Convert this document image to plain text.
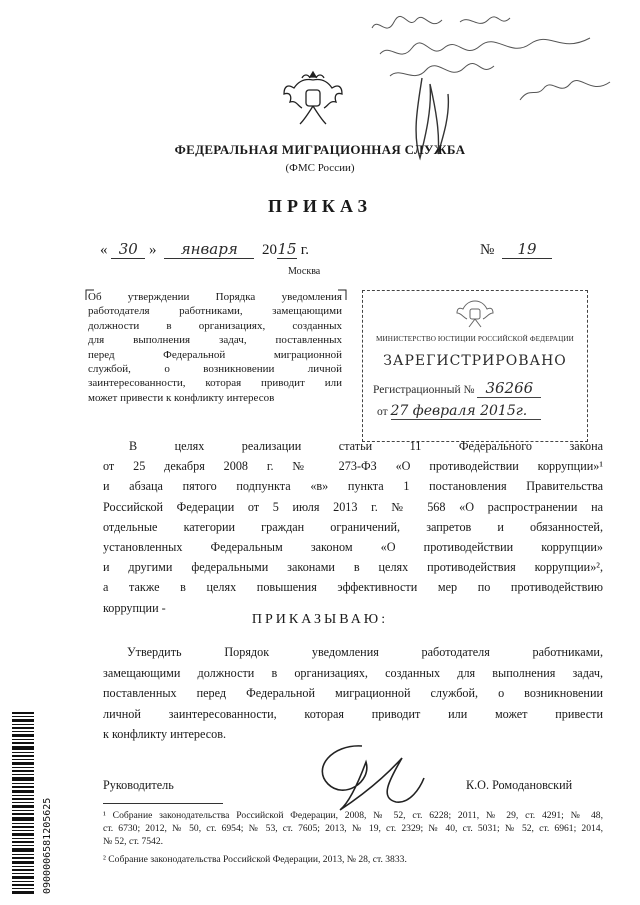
ФЕДЕРАЛЬНАЯ МИГРАЦИОННАЯ СЛУЖБА
(ФМС России)
ПРИКАЗ
« 30 » января 2015 г.	№ 19
Москва
Об утверждении Порядка уведомления
работодателя работниками, замещающими
должности в организациях, созданных
для выполнения задач, поставленных
перед Федеральной миграционной
службой, о возникновении личной
заинтересованности, которая приводит или
может привести к конфликту интересов
МИНИСТЕРСТВО ЮСТИЦИИ РОССИЙСКОЙ ФЕДЕРАЦИИ
ЗАРЕГИСТРИРОВАНО
Регистрационный № 36266
от 27 февраля 2015г.
В целях реализации статьи 11 Федерального закона
от 25 декабря 2008 г. № 273-ФЗ «О противодействии коррупции»¹
и абзаца пятого подпункта «в» пункта 1 постановления Правительства
Российской Федерации от 5 июля 2013 г. № 568 «О распространении на
отдельные категории граждан ограничений, запретов и обязанностей,
установленных Федеральным законом «О противодействии коррупции»
и другими федеральными законами в целях противодействия коррупции»²,
а также в целях повышения эффективности мер по противодействию
коррупции -
ПРИКАЗЫВАЮ:
Утвердить Порядок уведомления работодателя работниками,
замещающими должности в организациях, созданных для выполнения задач,
поставленных перед Федеральной миграционной службой, о возникновении
личной заинтересованности, которая приводит или может привести
к конфликту интересов.
Руководитель	К.О. Ромодановский
¹ Собрание законодательства Российской Федерации, 2008, № 52, ст. 6228; 2011, № 29, ст. 4291; № 48,
ст. 6730; 2012, № 50, ст. 6954; № 53, ст. 7605; 2013, № 19, ст. 2329; № 40, ст. 5031; № 52, ст. 6961; 2014,
№ 52, ст. 7542.
² Собрание законодательства Российской Федерации, 2013, № 28, ст. 3833.
0900006581205625
